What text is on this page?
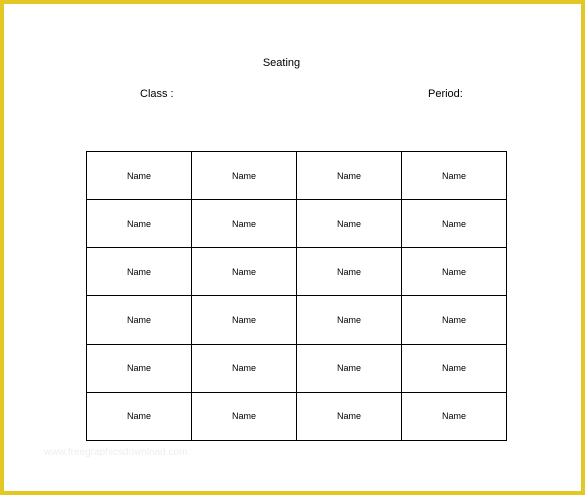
Seating
Class :	Period:
Name	Name	Name	Name
Name	Name	Name	Name
Name	Name	Name	Name
Name	Name	Name	Name
Name	Name	Name	Name
Name	Name	Name	Name
www.freegraphicsdownload.com
